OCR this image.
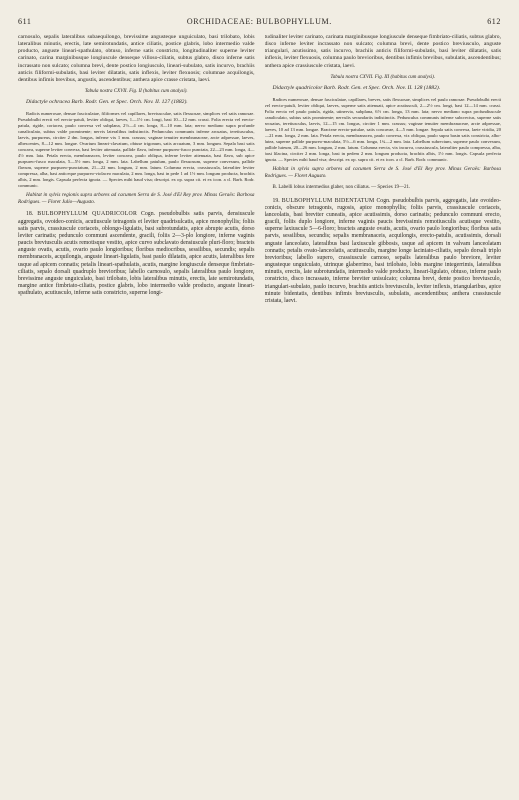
611	ORCHIDACEAE: BULBOPHYLLUM.	612

carnosulo, sepalis lateralibus subaequilongo, brevissime angusteque unguiculato, basi trilobato, lobis lateralibus minutis, erectis, late semirotundatis, antice ciliatis, postice glabris, lobo intermedio valde producto, anguste lineari-spathulato, obtuso, inferne satis constricto, longitudinaliter superne leviter carinato, carina marginibusque longiuscule denseque villoso-ciliatis, subtus glabro, disco inferne satis incrassato non sulcato; columna brevi, dente postico longiusculo, lineari-subulato, satis incurvo, brachiis anticis filiformi-subulatis, basi leviter dilatatis, satis inflexis, leviter flexuosis; columnae acquilongis, dentibus infimis brevibus, angustis, ascendentibus; anthera apice crasse cristata, laevi.

Tabula nostra CXVII. Fig. II (habitus cum analysi).

Didactyle ochracea Barb. Rodr. Gen. et Spec. Orch. Nov. II. 127 (1882).

Radicis numerosae, densae fasciculatae, filiformes vel capillares, breviusculae, satis flexuosae, simplices vel satis ramosae. Pseudobulbi erecti vel erecto-patuli, leviter obliqui, laeves, 1—1½ cm. longi, basi 10—12 mm. crassi. Folia erecta vel erecto-patula, rigide, coriacea, paulo convexa vel subplana, 2½—4 cm. longa, 8—10 mm. lata; nervo mediano supra profunde canaliculato, subtus valde prominente; nervis lateralibus indistinctis. Pedunculus communis inferne arcuatus, teretiusculus, laevis, purpureus, circiter 2 dm. longus, inferne vix 1 mm. crassus; vaginae tenuiter membranaceae, arcte adpressae, laeves, albescentes, 8—12 mm. longae. Ovarium lineari-clavatum, obtuse trigonum, satis arcuatum, 3 mm. longum. Sepala basi satis concava, superne leviter convexa, basi leviter attenuata, pallide flava, inferne purpureo-fusco punctata, 22—23 mm. longa, 4—4½ mm. lata. Petala erecta, membranacea, leviter concava, paulo obliqua, inferne leviter attenuata, basi flava, sub apice purpureo-fusco maculata, 5—5½ mm. longa, 2 mm. lata. Labellum patulum, paulo flexuosum, superne convexum, pallide flavum, superne purpureo-punctatum, 21—22 mm. longum, 2 mm. latum. Columna erecta, crassiuscula, lateraliter leviter compressa, alba, basi anticeque purpureo-violaceo maculata, 2 mm. longa, basi in pede 1 ad 1½ mm. longum producta, brachiis albis, 2 mm. longis. Capsula perfecta ignota. — Species mihi haud visa; descript. ex op. supra cit. et ex icon. a cl. Barb. Rodr. communic.

Habitat in sylvis regionis supra arbores ad cacumen Serra de S. José d'El Rey prov. Minas Geraës: Barbosa Rodrigues. — Floret Julio—Augusto.

18. BULBOPHYLLUM QUADRICOLOR Cogn. pseudobulbis satis parvis, densiuscule aggregatis, ovoideo-conicis, acutiuscule tetragonis et leviter quadrisulcatis, apice monophyllis; foliis satis parvis, crassiuscule coriaceis, oblongo-ligulatis, basi subrotundatis, apice abrupte acutis, dorso leviter carinatis; pedunculo communi ascendente, gracili, foliis 2—3-plo longiore, inferne vaginis paucis breviusculis acutis remotisque vestito, apice curvo subclavato densiuscule pluri-floro; bracteis anguste ovatis, acutis, ovario paulo longioribus; floribus mediocribus, sessilibus, secundis; sepalis membranaceis, acquilongis, anguste lineari-ligulatis, basi paulo dilatatis, apice acutis, lateralibus fere usque ad apicem connatis; petalis lineari-spathulatis, acutis, margine longiuscule denseque fimbriato-ciliatis, sepalo dorsali quadruplo brevioribus; labello carnosulo, sepalis lateralibus paulo longiore, brevissime anguste unguiculato, basi trilobato, lobis lateralibus minutis, erectis, late semirotundatis, margine antice fimbriato-ciliatis, postice glabris, lobo intermedio valde producto, anguste lineari-spathulato, acutiusculo, inferne satis constricto, superne longi-

tudinaliter leviter carinato, carinata marginibusque longiuscule denseque fimbriato-ciliatis, subtus glabro, disco inferne leviter incrassato non sulcato; columna brevi, dente postico breviusculo, anguste triangulari, acutissimo, satis incurvo, brachiis anticis filiformi-subulatis, basi leviter dilatatis, satis inflexis, leviter flexuosis, columna paulo brevioribus, dentibus infimis brevibus, subulatis, ascendentibus; anthera apice crassiuscule cristata, laevi.

Tabula nostra CXVII. Fig. III (habitus cum analysi).

Didactyle quadricolor Barb. Rodr. Gen. et Spec. Orch. Nov. II. 128 (1882).

Radices numerosae, densae fasciculatae, capillares, breves, satis flexuosae, simplices vel paulo ramosae. Pseudobulbi erecti vel erecto-patuli, leviter obliqui, laeves, superne satis attenuati, apice acutiusculi, 2—2½ cm. longi, basi 12—14 mm. crassi. Folia erecta vel paulo patula, rigida, utinervia, subplana, 6½ cm. longa, 13 mm. lata; nervo mediano supra profundiuscule canaliculato, subtus satis prominente; nervulis secundariis indistinctis. Pedunculus communis inferne subcrectus, superne satis arcuatus, teretiusculus, laevis, 12—15 cm. longus, circiter 1 mm. crassus; vaginae tenuiter membranaceae, arcte adpressae, laeves, 10 ad 13 mm. longae. Bracteae erecto-patulae, satis concavae, 4—5 mm. longae. Sepala satis convexa, laete viridia, 20—21 mm. longa, 2 mm. lata. Petala erecta, membranacea, paulo convexa, vix obliqua, paulo supra basin satis constricta, albo-lutea, superne pallide purpureo-maculata, 5½—6 mm. longa, 1¾—2 mm. lata. Labellum subrectum, superne paulo convexum, pallide luteum, 20—26 mm. longum, 2 mm. latum. Columna erecta, vix incurva, crassiuscula, lateraliter paulo compressa, alba, basi lilacina, circiter 2 mm. longa, basi in pedem 2 mm. longum producta, brachiis albis, 1½ mm. longis. Capsula perfecta ignota. — Species mihi haud visa; descript. ex op. supra cit. et ex icon. a cl. Barb. Rodr. communic.

Habitat in sylvis supra arbores ad cacumen Serra de S. José d'El Rey prov. Minas Geraës: Barbosa Rodrigues. — Floret Augusto.

B. Labelli lobus intermedius glaber, non ciliatus. — Species 19—21.

19. BULBOPHYLLUM BIDENTATUM Cogn. pseudobulbis parvis, aggregatis, late ovoideo-conicis, obscure tetragonis, rugosis, apice monophyllis; foliis parvis, crassiuscule coriaceis, lanceolatis, basi breviter cuneatis, apice acutissimis, dorso carinatis; pedunculo communi erecto, gracili, foliis duplo longiore, inferne vaginis paucis brevissimis remotiusculis acutisque vestito, superne laxiuscule 5—6-floro; bracteis anguste ovatis, acutis, ovario paulo longioribus; floribus satis parvis, sessilibus, secundis; sepalis membranaceis, acquilongis, erecto-patulis, acutissimis, dorsali anguste lanceolato, lateralibus basi laxiuscule gibbosis, usque ad apicem in valvam lanceolatam connatis; petalis ovato-lanceolatis, acutiusculis, margine longe laciniato-ciliatis, sepalo dorsali triplo brevioribus; labello supero, crassiuscule carnoso, sepalis lateralibus paulo breviore, leviter angusteque unguiculato, utrinque glaberrimo, basi trilobato, lobis margine integerrimis, lateralibus minutis, erectis, late subrotundatis, intermedio valde producto, lineari-ligulato, obtuso, inferne paulo constricto, disco incrassato, inferne breviter unisulcato; columna brevi, dente postico breviusculo, triangulari-subulato, paulo incurvo, brachiis anticis breviusculis, leviter inflexis, triangularibus, apice minute bidentatis, dentibus infimis breviusculis, subulatis, ascendentibus; anthera crassiuscule cristata, laevi.
